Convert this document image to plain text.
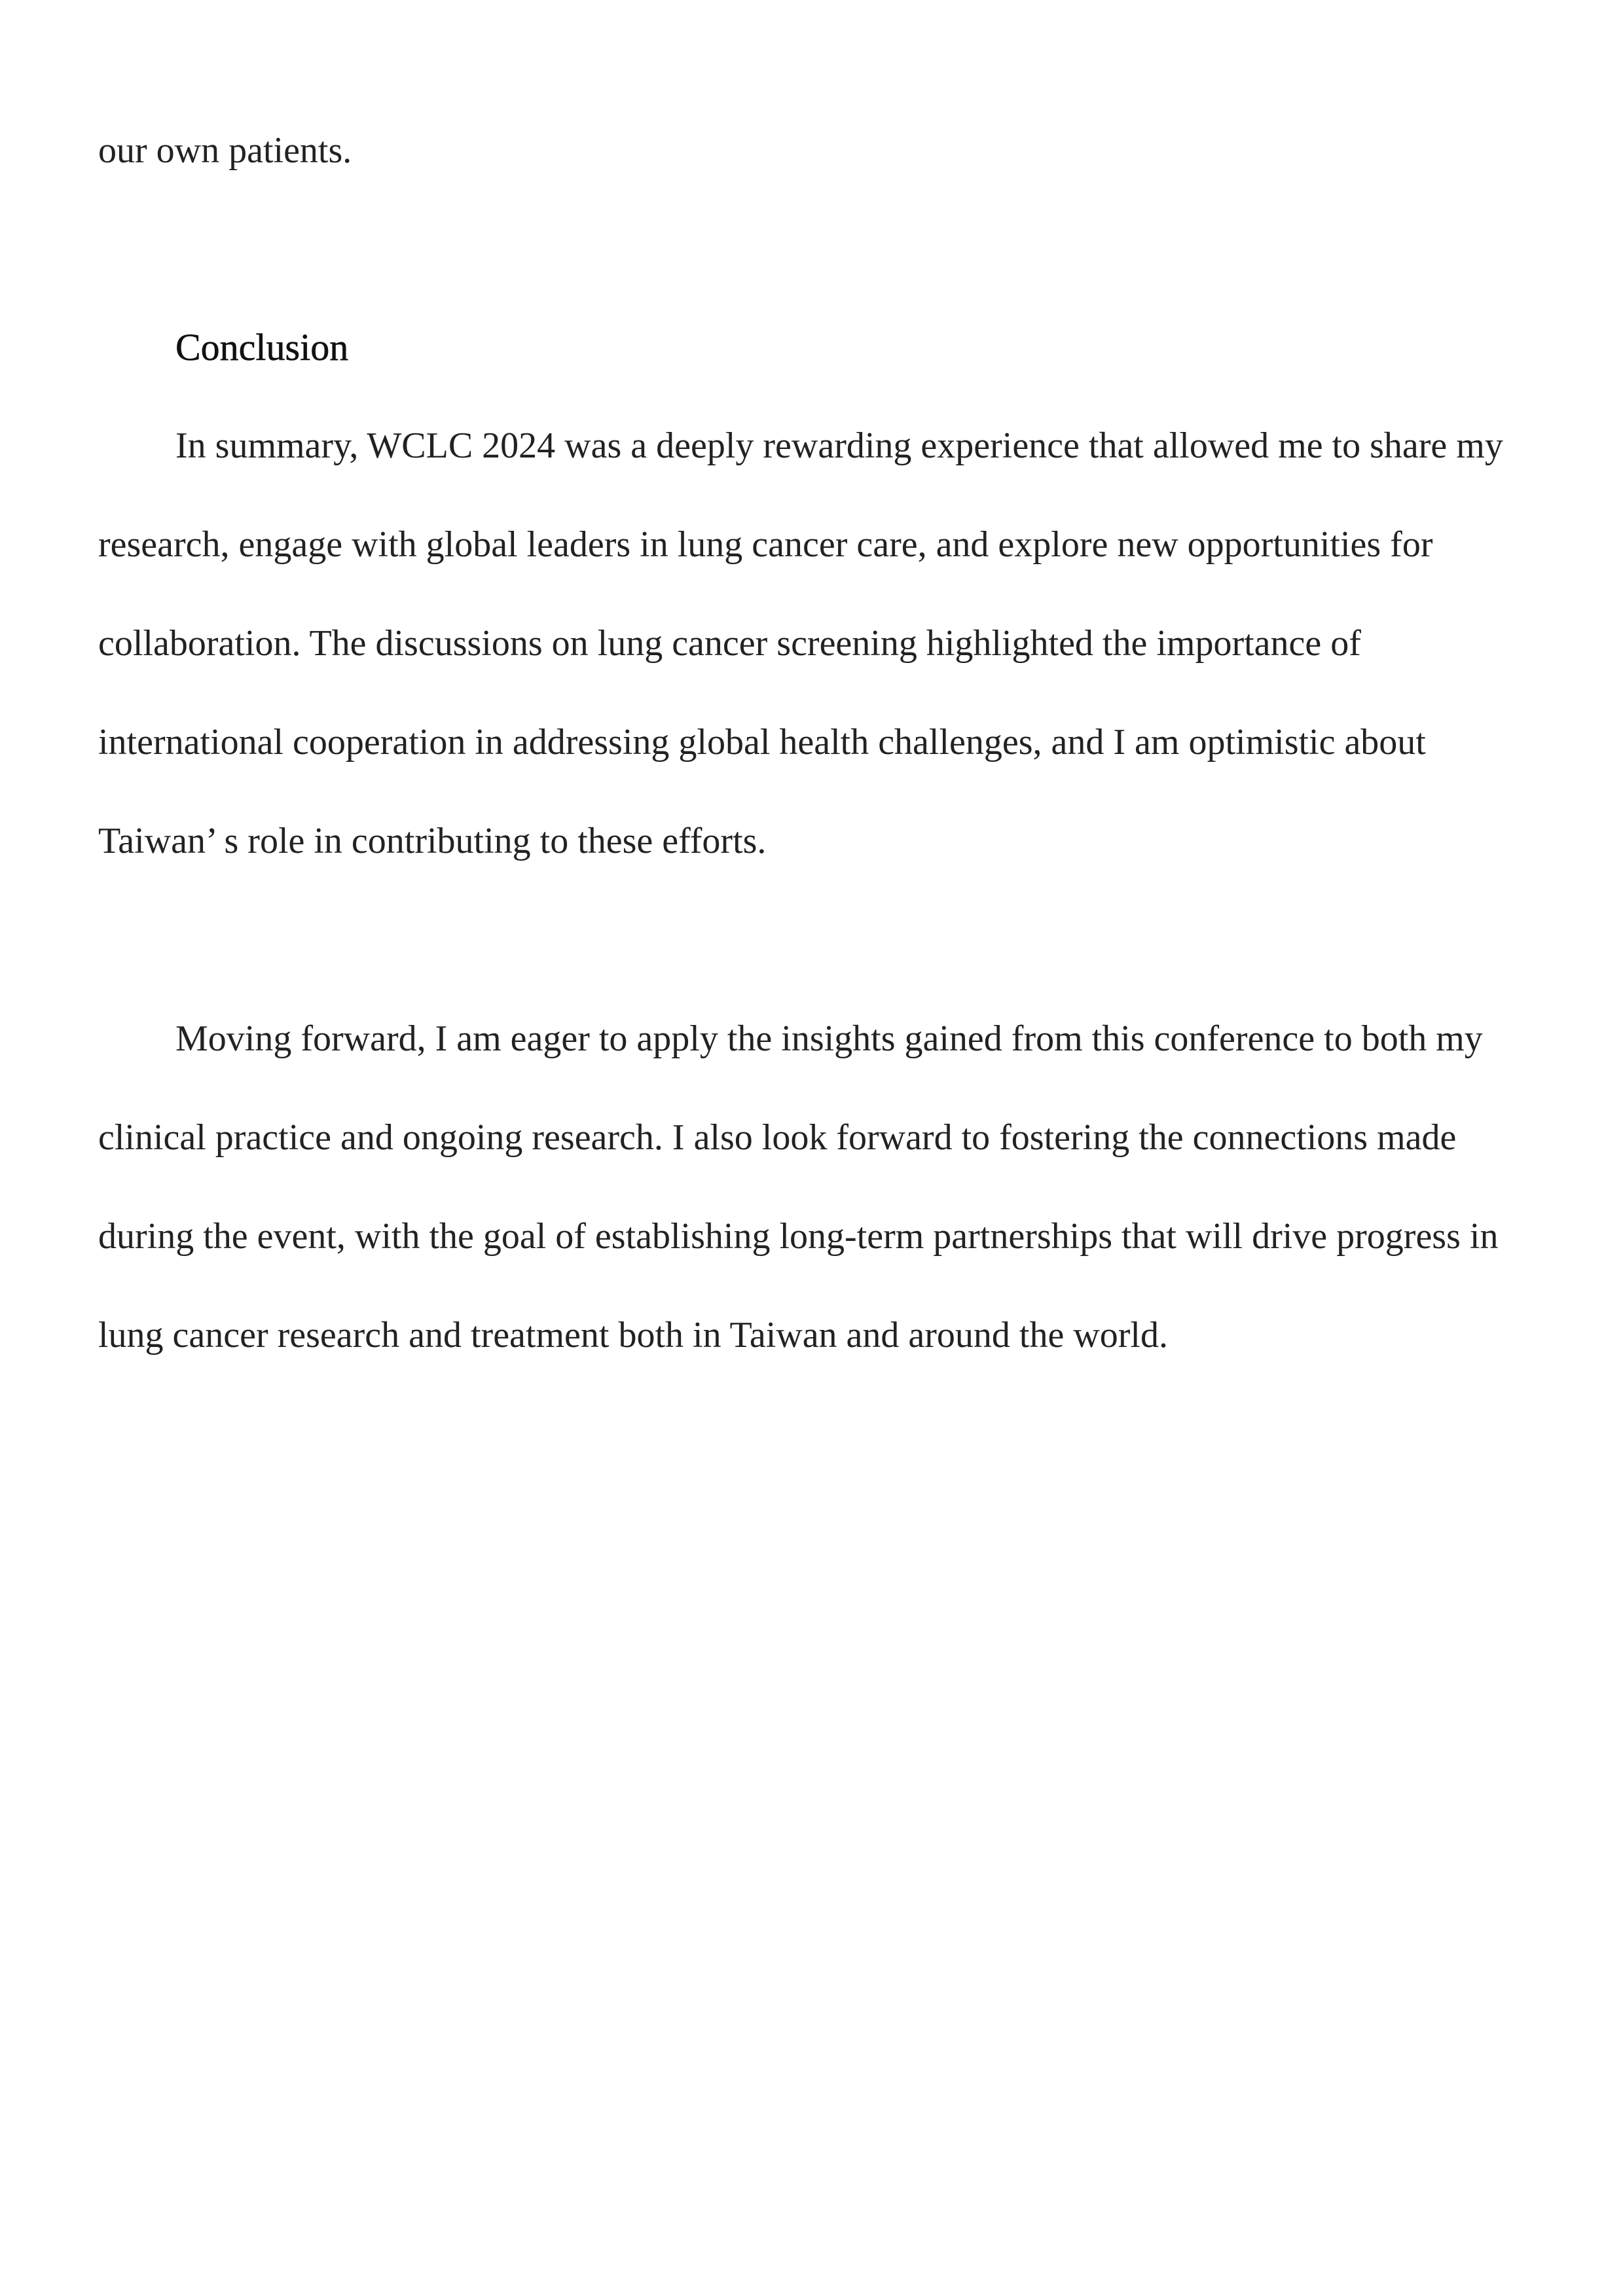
our own patients.

Conclusion

In summary, WCLC 2024 was a deeply rewarding experience that allowed me to share my research, engage with global leaders in lung cancer care, and explore new opportunities for collaboration. The discussions on lung cancer screening highlighted the importance of international cooperation in addressing global health challenges, and I am optimistic about Taiwan’ s role in contributing to these efforts.

Moving forward, I am eager to apply the insights gained from this conference to both my clinical practice and ongoing research. I also look forward to fostering the connections made during the event, with the goal of establishing long-term partnerships that will drive progress in lung cancer research and treatment both in Taiwan and around the world.
